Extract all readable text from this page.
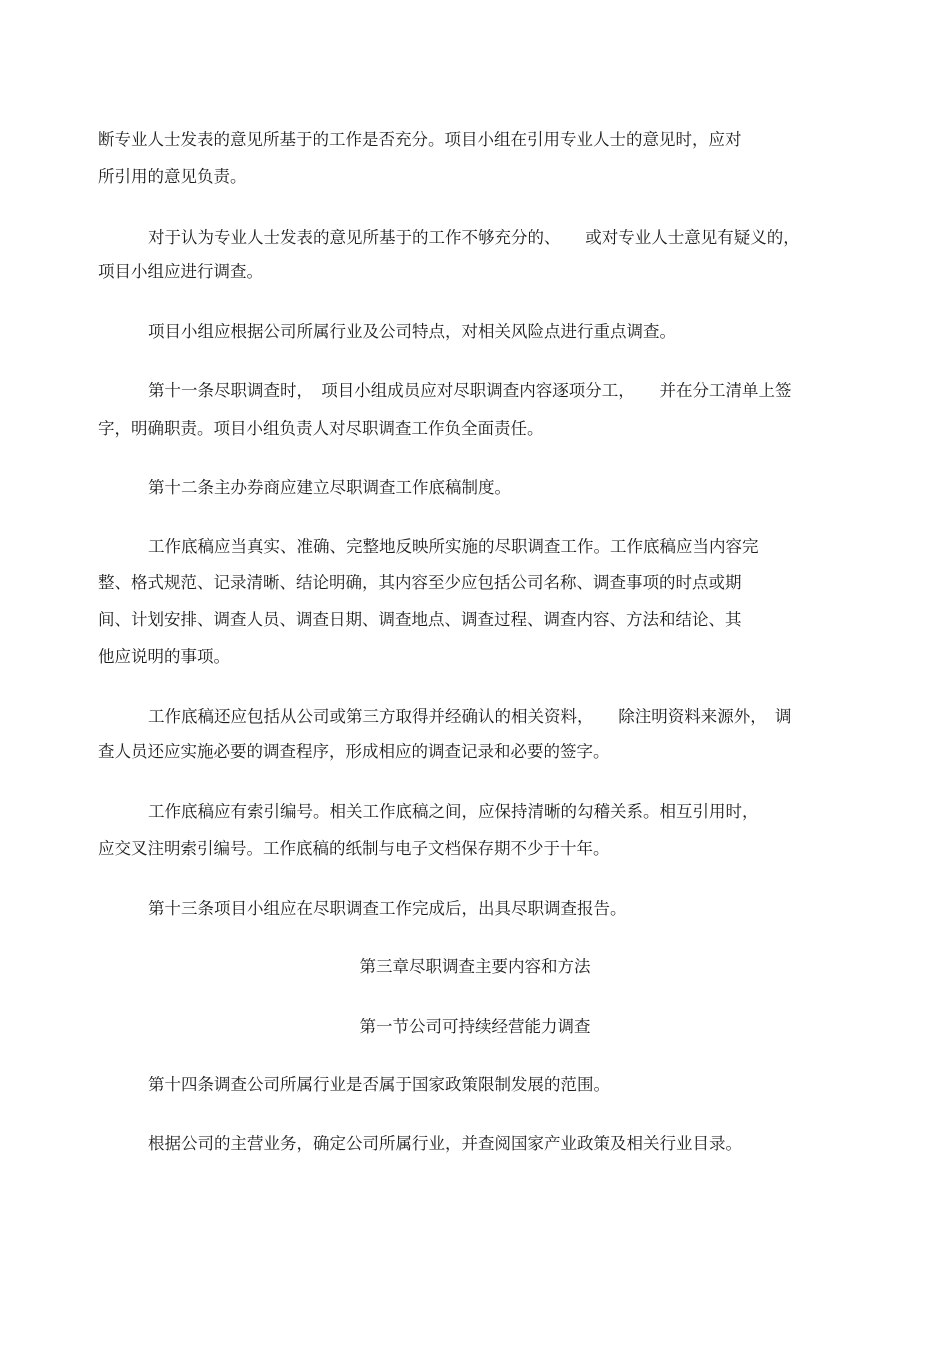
断专业人士发表的意见所基于的工作是否充分。项目小组在引用专业人士的意见时，应对
所引用的意见负责。
对于认为专业人士发表的意见所基于的工作不够充分的、　　或对专业人士意见有疑义的，
项目小组应进行调查。
项目小组应根据公司所属行业及公司特点，对相关风险点进行重点调查。
第十一条尽职调查时，　项目小组成员应对尽职调查内容逐项分工，　　并在分工清单上签
字，明确职责。项目小组负责人对尽职调查工作负全面责任。
第十二条主办券商应建立尽职调查工作底稿制度。
工作底稿应当真实、准确、完整地反映所实施的尽职调查工作。工作底稿应当内容完
整、格式规范、记录清晰、结论明确，其内容至少应包括公司名称、调查事项的时点或期
间、计划安排、调查人员、调查日期、调查地点、调查过程、调查内容、方法和结论、其
他应说明的事项。
工作底稿还应包括从公司或第三方取得并经确认的相关资料，　　除注明资料来源外，　调
查人员还应实施必要的调查程序，形成相应的调查记录和必要的签字。
工作底稿应有索引编号。相关工作底稿之间，应保持清晰的勾稽关系。相互引用时，
应交叉注明索引编号。工作底稿的纸制与电子文档保存期不少于十年。
第十三条项目小组应在尽职调查工作完成后，出具尽职调查报告。
第三章尽职调查主要内容和方法
第一节公司可持续经营能力调查
第十四条调查公司所属行业是否属于国家政策限制发展的范围。
根据公司的主营业务，确定公司所属行业，并查阅国家产业政策及相关行业目录。
